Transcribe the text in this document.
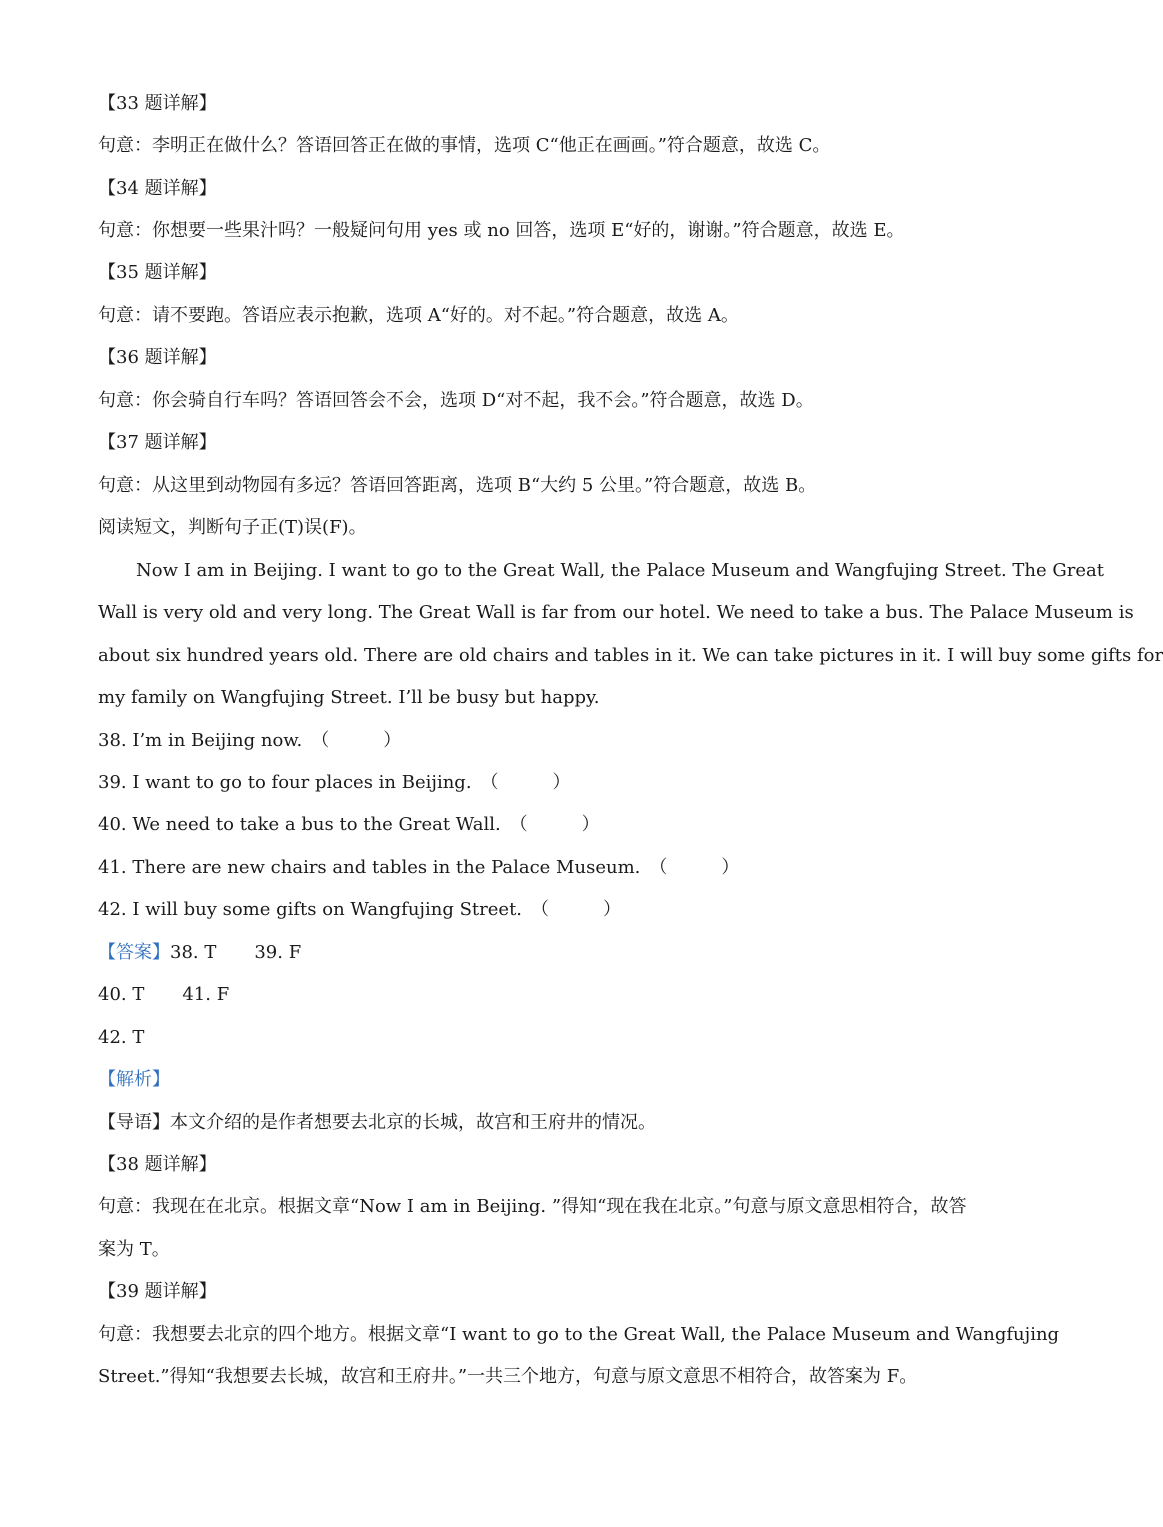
【33 题详解】
句意：李明正在做什么？答语回答正在做的事情，选项 C“他正在画画。”符合题意，故选 C。
【34 题详解】
句意：你想要一些果汁吗？一般疑问句用 yes 或 no 回答，选项 E“好的，谢谢。”符合题意，故选 E。
【35 题详解】
句意：请不要跑。答语应表示抱歉，选项 A“好的。对不起。”符合题意，故选 A。
【36 题详解】
句意：你会骑自行车吗？答语回答会不会，选项 D“对不起，我不会。”符合题意，故选 D。
【37 题详解】
句意：从这里到动物园有多远？答语回答距离，选项 B“大约 5 公里。”符合题意，故选 B。
阅读短文，判断句子正(T)误(F)。
Now I am in Beijing. I want to go to the Great Wall, the Palace Museum and Wangfujing Street. The Great
Wall is very old and very long. The Great Wall is far from our hotel. We need to take a bus. The Palace Museum is
about six hundred years old. There are old chairs and tables in it. We can take pictures in it. I will buy some gifts for
my family on Wangfujing Street. I’ll be busy but happy.
38. I’m in Beijing now.　（　　　）
39. I want to go to four places in Beijing.　（　　　）
40. We need to take a bus to the Great Wall.　（　　　）
41. There are new chairs and tables in the Palace Museum.　（　　　）
42. I will buy some gifts on Wangfujing Street.　（　　　）
【答案】38. T 39. F
40. T 41. F
42. T
【解析】
【导语】本文介绍的是作者想要去北京的长城，故宫和王府井的情况。
【38 题详解】
句意：我现在在北京。根据文章“Now I am in Beijing. ”得知“现在我在北京。”句意与原文意思相符合，故答
案为 T。
【39 题详解】
句意：我想要去北京的四个地方。根据文章“I want to go to the Great Wall, the Palace Museum and Wangfujing
Street.”得知“我想要去长城，故宫和王府井。”一共三个地方，句意与原文意思不相符合，故答案为 F。
